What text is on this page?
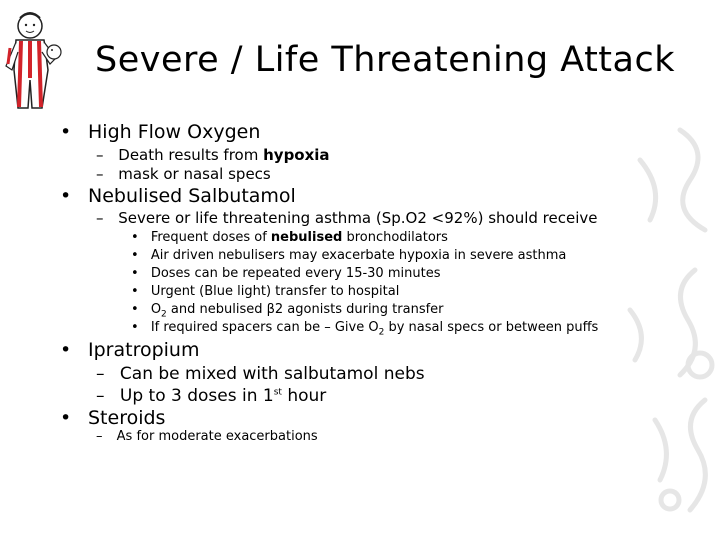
Severe / Life Threatening Attack
• High Flow Oxygen
– Death results from hypoxia
– mask or nasal specs
• Nebulised Salbutamol
– Severe or life threatening asthma (Sp.O2 <92%) should receive
• Frequent doses of nebulised bronchodilators
• Air driven nebulisers may exacerbate hypoxia in severe asthma
• Doses can be repeated every 15-30 minutes
• Urgent (Blue light) transfer to hospital
• $O_2$ and nebulised β2 agonists during transfer
• If required spacers can be – Give $O_2$ by nasal specs or between puffs
• Ipratropium
– Can be mixed with salbutamol nebs
– Up to 3 doses in 1st hour
• Steroids
– As for moderate exacerbations
